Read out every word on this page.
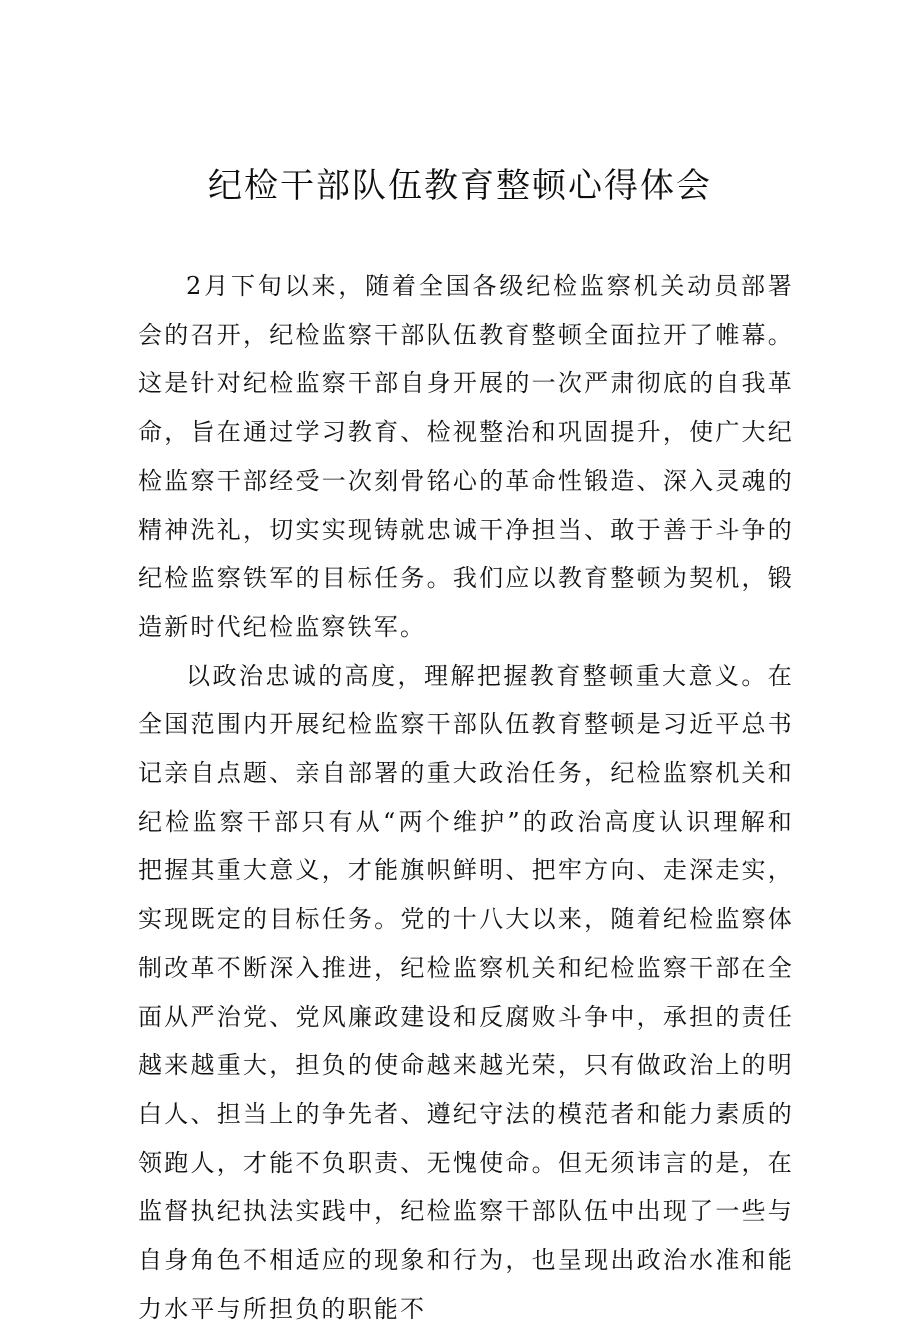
纪检干部队伍教育整顿心得体会

2月下旬以来，随着全国各级纪检监察机关动员部署会的召开，纪检监察干部队伍教育整顿全面拉开了帷幕。这是针对纪检监察干部自身开展的一次严肃彻底的自我革命，旨在通过学习教育、检视整治和巩固提升，使广大纪检监察干部经受一次刻骨铭心的革命性锻造、深入灵魂的精神洗礼，切实实现铸就忠诚干净担当、敢于善于斗争的纪检监察铁军的目标任务。我们应以教育整顿为契机，锻造新时代纪检监察铁军。

以政治忠诚的高度，理解把握教育整顿重大意义。在全国范围内开展纪检监察干部队伍教育整顿是习近平总书记亲自点题、亲自部署的重大政治任务，纪检监察机关和纪检监察干部只有从“两个维护”的政治高度认识理解和把握其重大意义，才能旗帜鲜明、把牢方向、走深走实，实现既定的目标任务。党的十八大以来，随着纪检监察体制改革不断深入推进，纪检监察机关和纪检监察干部在全面从严治党、党风廉政建设和反腐败斗争中，承担的责任越来越重大，担负的使命越来越光荣，只有做政治上的明白人、担当上的争先者、遵纪守法的模范者和能力素质的领跑人，才能不负职责、无愧使命。但无须讳言的是，在监督执纪执法实践中，纪检监察干部队伍中出现了一些与自身角色不相适应的现象和行为，也呈现出政治水准和能力水平与所担负的职能不
